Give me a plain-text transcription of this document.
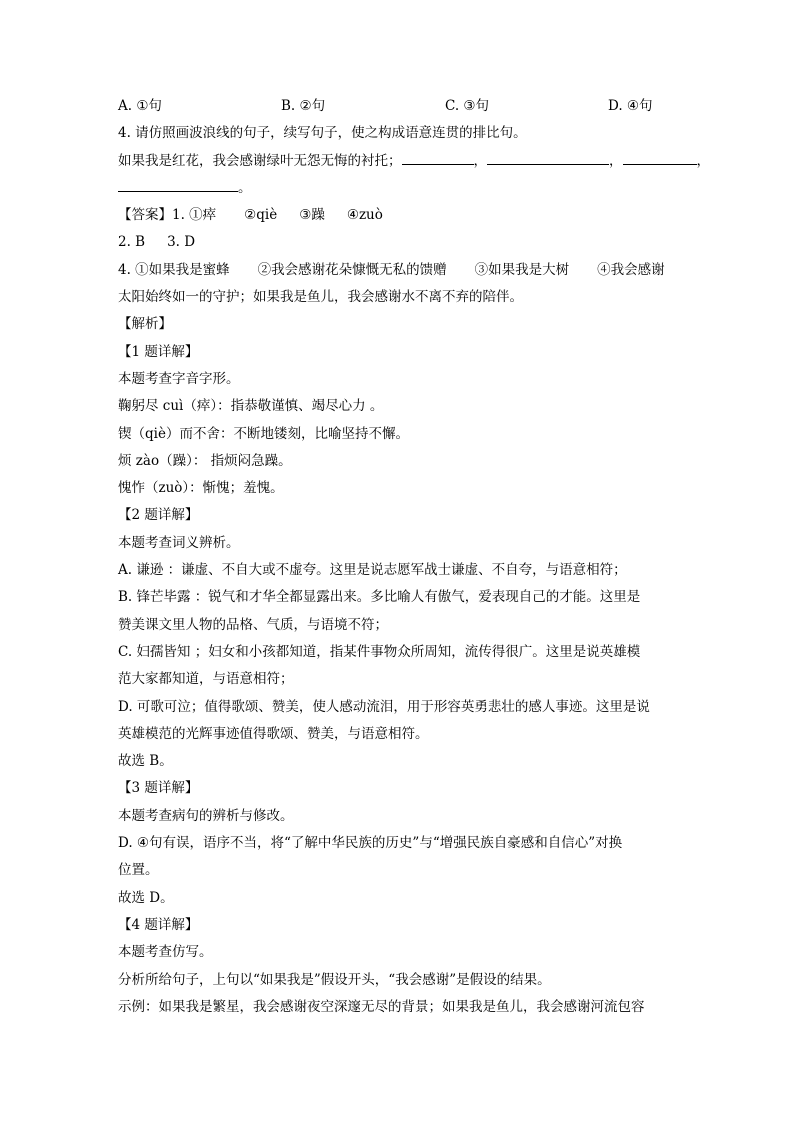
A. ①句	B. ②句	C. ③句	D. ④句
4. 请仿照画波浪线的句子，续写句子，使之构成语意连贯的排比句。
如果我是红花，我会感谢绿叶无怨无悔的衬托；	，	，	，
。
【答案】1. ①瘁 ②qiè ③躁 ④zuò
2. B 3. D
4. ①如果我是蜜蜂 ②我会感谢花朵慷慨无私的馈赠 ③如果我是大树 ④我会感谢
太阳始终如一的守护；如果我是鱼儿，我会感谢水不离不弃的陪伴。
【解析】
【1 题详解】
本题考查字音字形。
鞠躬尽 cuì（瘁）：指恭敬谨慎、竭尽心力 。
锲（qiè）而不舍：不断地镂刻，比喻坚持不懈。
烦 zào（躁）： 指烦闷急躁。
愧怍（zuò）：惭愧；羞愧。
【2 题详解】
本题考查词义辨析。
A. 谦逊 ：谦虚、不自大或不虚夸。这里是说志愿军战士谦虚、不自夸，与语意相符；
B. 锋芒毕露 ：锐气和才华全都显露出来。多比喻人有傲气，爱表现自己的才能。这里是
赞美课文里人物的品格、气质，与语境不符；
C. 妇孺皆知 ；妇女和小孩都知道，指某件事物众所周知，流传得很广。这里是说英雄模
范大家都知道，与语意相符；
D. 可歌可泣；值得歌颂、赞美，使人感动流泪，用于形容英勇悲壮的感人事迹。这里是说
英雄模范的光辉事迹值得歌颂、赞美，与语意相符。
故选 B。
【3 题详解】
本题考查病句的辨析与修改。
D. ④句有误，语序不当，将“了解中华民族的历史”与“增强民族自豪感和自信心”对换
位置。
故选 D。
【4 题详解】
本题考查仿写。
分析所给句子，上句以“如果我是”假设开头，“我会感谢”是假设的结果。
示例：如果我是繁星，我会感谢夜空深邃无尽的背景；如果我是鱼儿，我会感谢河流包容
